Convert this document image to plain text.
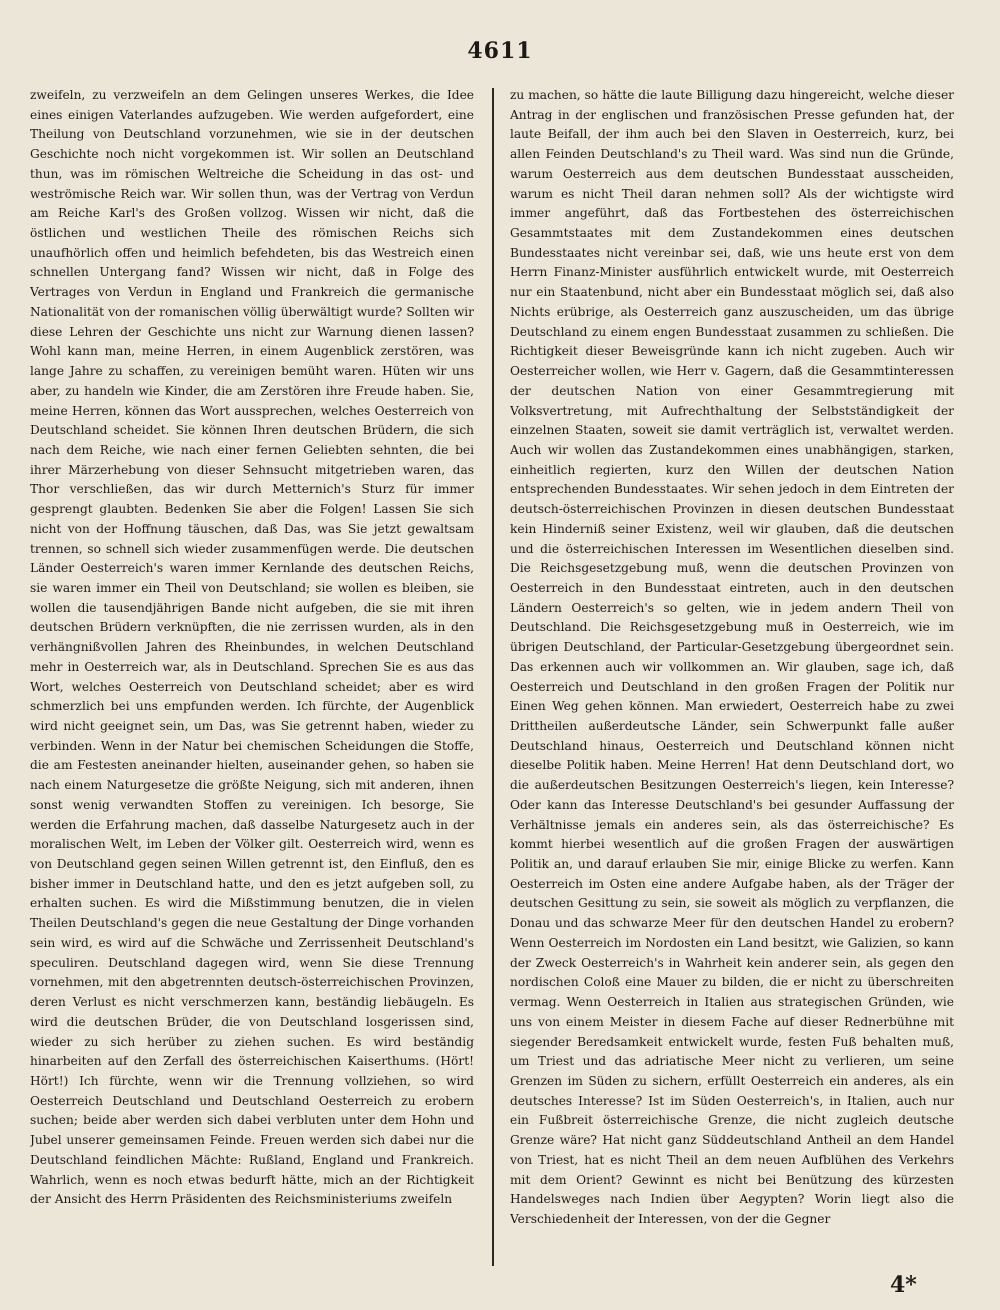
4611

zweifeln, zu verzweifeln an dem Gelingen unseres Werkes, die Idee eines einigen Vaterlandes aufzugeben. Wie werden aufgefordert, eine Theilung von Deutschland vorzunehmen, wie sie in der deutschen Geschichte noch nicht vorgekommen ist. Wir sollen an Deutschland thun, was im römischen Weltreiche die Scheidung in das ost- und weströmische Reich war. Wir sollen thun, was der Vertrag von Verdun am Reiche Karl's des Großen vollzog. Wissen wir nicht, daß die östlichen und westlichen Theile des römischen Reichs sich unaufhörlich offen und heimlich befehdeten, bis das Westreich einen schnellen Untergang fand? Wissen wir nicht, daß in Folge des Vertrages von Verdun in England und Frankreich die germanische Nationalität von der romanischen völlig überwältigt wurde? Sollten wir diese Lehren der Geschichte uns nicht zur Warnung dienen lassen? Wohl kann man, meine Herren, in einem Augenblick zerstören, was lange Jahre zu schaffen, zu vereinigen bemüht waren. Hüten wir uns aber, zu handeln wie Kinder, die am Zerstören ihre Freude haben. Sie, meine Herren, können das Wort aussprechen, welches Oesterreich von Deutschland scheidet. Sie können Ihren deutschen Brüdern, die sich nach dem Reiche, wie nach einer fernen Geliebten sehnten, die bei ihrer Märzerhebung von dieser Sehnsucht mitgetrieben waren, das Thor verschließen, das wir durch Metternich's Sturz für immer gesprengt glaubten. Bedenken Sie aber die Folgen! Lassen Sie sich nicht von der Hoffnung täuschen, daß Das, was Sie jetzt gewaltsam trennen, so schnell sich wieder zusammenfügen werde. Die deutschen Länder Oesterreich's waren immer Kernlande des deutschen Reichs, sie waren immer ein Theil von Deutschland; sie wollen es bleiben, sie wollen die tausendjährigen Bande nicht aufgeben, die sie mit ihren deutschen Brüdern verknüpften, die nie zerrissen wurden, als in den verhängnißvollen Jahren des Rheinbundes, in welchen Deutschland mehr in Oesterreich war, als in Deutschland. Sprechen Sie es aus das Wort, welches Oesterreich von Deutschland scheidet; aber es wird schmerzlich bei uns empfunden werden. Ich fürchte, der Augenblick wird nicht geeignet sein, um Das, was Sie getrennt haben, wieder zu verbinden. Wenn in der Natur bei chemischen Scheidungen die Stoffe, die am Festesten aneinander hielten, auseinander gehen, so haben sie nach einem Naturgesetze die größte Neigung, sich mit anderen, ihnen sonst wenig verwandten Stoffen zu vereinigen. Ich besorge, Sie werden die Erfahrung machen, daß dasselbe Naturgesetz auch in der moralischen Welt, im Leben der Völker gilt. Oesterreich wird, wenn es von Deutschland gegen seinen Willen getrennt ist, den Einfluß, den es bisher immer in Deutschland hatte, und den es jetzt aufgeben soll, zu erhalten suchen. Es wird die Mißstimmung benutzen, die in vielen Theilen Deutschland's gegen die neue Gestaltung der Dinge vorhanden sein wird, es wird auf die Schwäche und Zerrissenheit Deutschland's speculiren. Deutschland dagegen wird, wenn Sie diese Trennung vornehmen, mit den abgetrennten deutsch-österreichischen Provinzen, deren Verlust es nicht verschmerzen kann, beständig liebäugeln. Es wird die deutschen Brüder, die von Deutschland losgerissen sind, wieder zu sich herüber zu ziehen suchen. Es wird beständig hinarbeiten auf den Zerfall des österreichischen Kaiserthums. (Hört! Hört!) Ich fürchte, wenn wir die Trennung vollziehen, so wird Oesterreich Deutschland und Deutschland Oesterreich zu erobern suchen; beide aber werden sich dabei verbluten unter dem Hohn und Jubel unserer gemeinsamen Feinde. Freuen werden sich dabei nur die Deutschland feindlichen Mächte: Rußland, England und Frankreich. Wahrlich, wenn es noch etwas bedurft hätte, mich an der Richtigkeit der Ansicht des Herrn Präsidenten des Reichsministeriums zweifeln

zu machen, so hätte die laute Billigung dazu hingereicht, welche dieser Antrag in der englischen und französischen Presse gefunden hat, der laute Beifall, der ihm auch bei den Slaven in Oesterreich, kurz, bei allen Feinden Deutschland's zu Theil ward. Was sind nun die Gründe, warum Oesterreich aus dem deutschen Bundesstaat ausscheiden, warum es nicht Theil daran nehmen soll? Als der wichtigste wird immer angeführt, daß das Fortbestehen des österreichischen Gesammtstaates mit dem Zustandekommen eines deutschen Bundesstaates nicht vereinbar sei, daß, wie uns heute erst von dem Herrn Finanz-Minister ausführlich entwickelt wurde, mit Oesterreich nur ein Staatenbund, nicht aber ein Bundesstaat möglich sei, daß also Nichts erübrige, als Oesterreich ganz auszuscheiden, um das übrige Deutschland zu einem engen Bundesstaat zusammen zu schließen. Die Richtigkeit dieser Beweisgründe kann ich nicht zugeben. Auch wir Oesterreicher wollen, wie Herr v. Gagern, daß die Gesammtinteressen der deutschen Nation von einer Gesammtregierung mit Volksvertretung, mit Aufrechthaltung der Selbstständigkeit der einzelnen Staaten, soweit sie damit verträglich ist, verwaltet werden. Auch wir wollen das Zustandekommen eines unabhängigen, starken, einheitlich regierten, kurz den Willen der deutschen Nation entsprechenden Bundesstaates. Wir sehen jedoch in dem Eintreten der deutsch-österreichischen Provinzen in diesen deutschen Bundesstaat kein Hinderniß seiner Existenz, weil wir glauben, daß die deutschen und die österreichischen Interessen im Wesentlichen dieselben sind. Die Reichsgesetzgebung muß, wenn die deutschen Provinzen von Oesterreich in den Bundesstaat eintreten, auch in den deutschen Ländern Oesterreich's so gelten, wie in jedem andern Theil von Deutschland. Die Reichsgesetzgebung muß in Oesterreich, wie im übrigen Deutschland, der Particular-Gesetzgebung übergeordnet sein. Das erkennen auch wir vollkommen an. Wir glauben, sage ich, daß Oesterreich und Deutschland in den großen Fragen der Politik nur Einen Weg gehen können. Man erwiedert, Oesterreich habe zu zwei Drittheilen außerdeutsche Länder, sein Schwerpunkt falle außer Deutschland hinaus, Oesterreich und Deutschland können nicht dieselbe Politik haben. Meine Herren! Hat denn Deutschland dort, wo die außerdeutschen Besitzungen Oesterreich's liegen, kein Interesse? Oder kann das Interesse Deutschland's bei gesunder Auffassung der Verhältnisse jemals ein anderes sein, als das österreichische? Es kommt hierbei wesentlich auf die großen Fragen der auswärtigen Politik an, und darauf erlauben Sie mir, einige Blicke zu werfen. Kann Oesterreich im Osten eine andere Aufgabe haben, als der Träger der deutschen Gesittung zu sein, sie soweit als möglich zu verpflanzen, die Donau und das schwarze Meer für den deutschen Handel zu erobern? Wenn Oesterreich im Nordosten ein Land besitzt, wie Galizien, so kann der Zweck Oesterreich's in Wahrheit kein anderer sein, als gegen den nordischen Coloß eine Mauer zu bilden, die er nicht zu überschreiten vermag. Wenn Oesterreich in Italien aus strategischen Gründen, wie uns von einem Meister in diesem Fache auf dieser Rednerbühne mit siegender Beredsamkeit entwickelt wurde, festen Fuß behalten muß, um Triest und das adriatische Meer nicht zu verlieren, um seine Grenzen im Süden zu sichern, erfüllt Oesterreich ein anderes, als ein deutsches Interesse? Ist im Süden Oesterreich's, in Italien, auch nur ein Fußbreit österreichische Grenze, die nicht zugleich deutsche Grenze wäre? Hat nicht ganz Süddeutschland Antheil an dem Handel von Triest, hat es nicht Theil an dem neuen Aufblühen des Verkehrs mit dem Orient? Gewinnt es nicht bei Benützung des kürzesten Handelsweges nach Indien über Aegypten? Worin liegt also die Verschiedenheit der Interessen, von der die Gegner

4*
